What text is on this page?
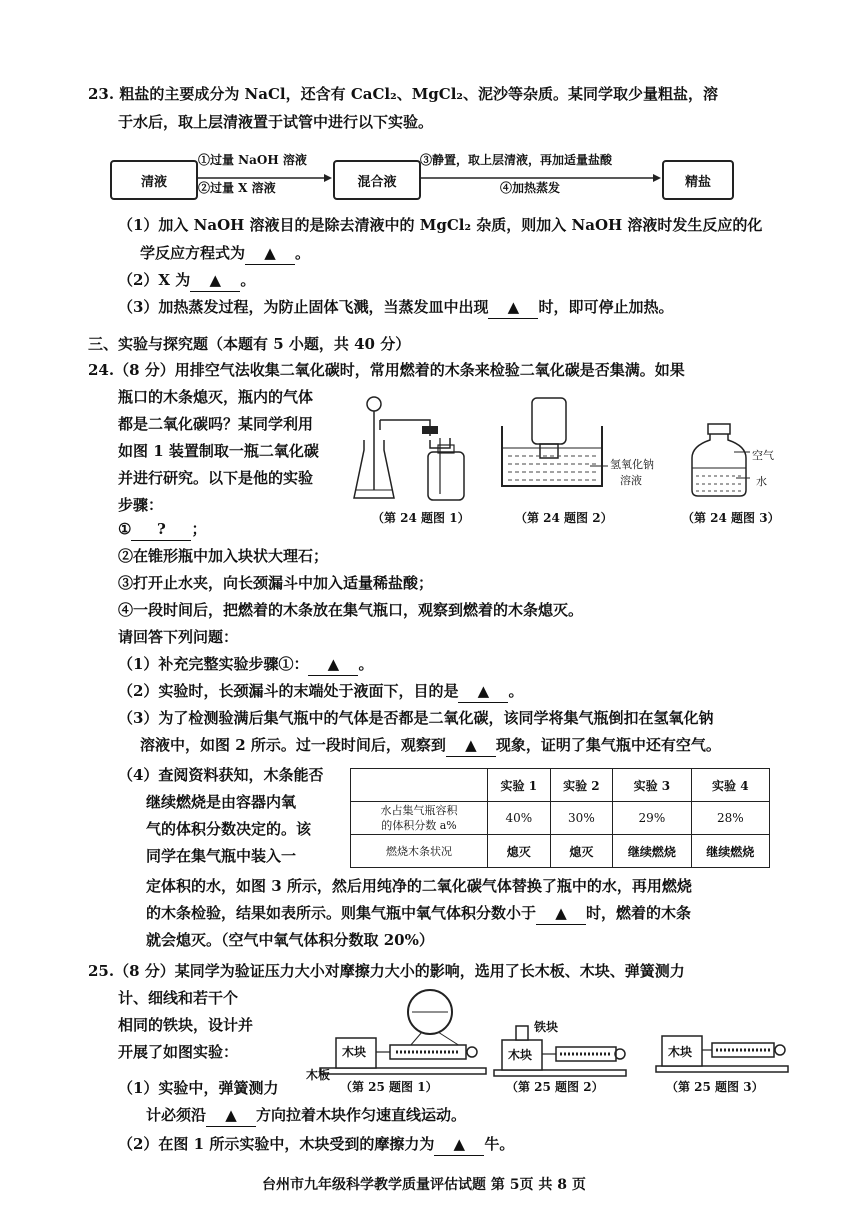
23. 粗盐的主要成分为 NaCl，还含有 CaCl₂、MgCl₂、泥沙等杂质。某同学取少量粗盐，溶
于水后，取上层清液置于试管中进行以下实验。
清液	混合液	精盐
①过量 NaOH 溶液
②过量 X 溶液
③静置，取上层清液，再加适量盐酸
④加热蒸发
（1）加入 NaOH 溶液目的是除去清液中的 MgCl₂ 杂质，则加入 NaOH 溶液时发生反应的化
学反应方程式为 ▲ 。
（2）X 为 ▲ 。
（3）加热蒸发过程，为防止固体飞溅，当蒸发皿中出现 ▲ 时，即可停止加热。
三、实验与探究题（本题有 5 小题，共 40 分）
24.（8 分）用排空气法收集二氧化碳时，常用燃着的木条来检验二氧化碳是否集满。如果
瓶口的木条熄灭，瓶内的气体
都是二氧化碳吗？某同学利用
如图 1 装置制取一瓶二氧化碳
并进行研究。以下是他的实验
步骤：
（第 24 题图 1）
氢氧化钠
溶液
（第 24 题图 2）
空气
水
（第 24 题图 3）
① ? ；
②在锥形瓶中加入块状大理石；
③打开止水夹，向长颈漏斗中加入适量稀盐酸；
④一段时间后，把燃着的木条放在集气瓶口，观察到燃着的木条熄灭。
请回答下列问题：
（1）补充完整实验步骤①： ▲ 。
（2）实验时，长颈漏斗的末端处于液面下，目的是 ▲ 。
（3）为了检测验满后集气瓶中的气体是否都是二氧化碳，该同学将集气瓶倒扣在氢氧化钠
溶液中，如图 2 所示。过一段时间后，观察到 ▲ 现象，证明了集气瓶中还有空气。
（4）查阅资料获知，木条能否
继续燃烧是由容器内氧
气的体积分数决定的。该
同学在集气瓶中装入一
	实验 1	实验 2	实验 3	实验 4

水占集气瓶容积
的体积分数 a%	40%	30%	29%	28%
燃烧木条状况	熄灭	熄灭	继续燃烧	继续燃烧
定体积的水，如图 3 所示，然后用纯净的二氧化碳气体替换了瓶中的水，再用燃烧
的木条检验，结果如表所示。则集气瓶中氧气体积分数小于 ▲ 时，燃着的木条
就会熄灭。（空气中氧气体积分数取 20%）
25.（8 分）某同学为验证压力大小对摩擦力大小的影响，选用了长木板、木块、弹簧测力
计、细线和若干个
相同的铁块，设计并
开展了如图实验：	木块
木板
（第 25 题图 1）
铁块
木块
（第 25 题图 2）
木块
（第 25 题图 3）
（1）实验中，弹簧测力
计必须沿 ▲ 方向拉着木块作匀速直线运动。
（2）在图 1 所示实验中，木块受到的摩擦力为 ▲ 牛。
台州市九年级科学教学质量评估试题 第 5页 共 8 页
